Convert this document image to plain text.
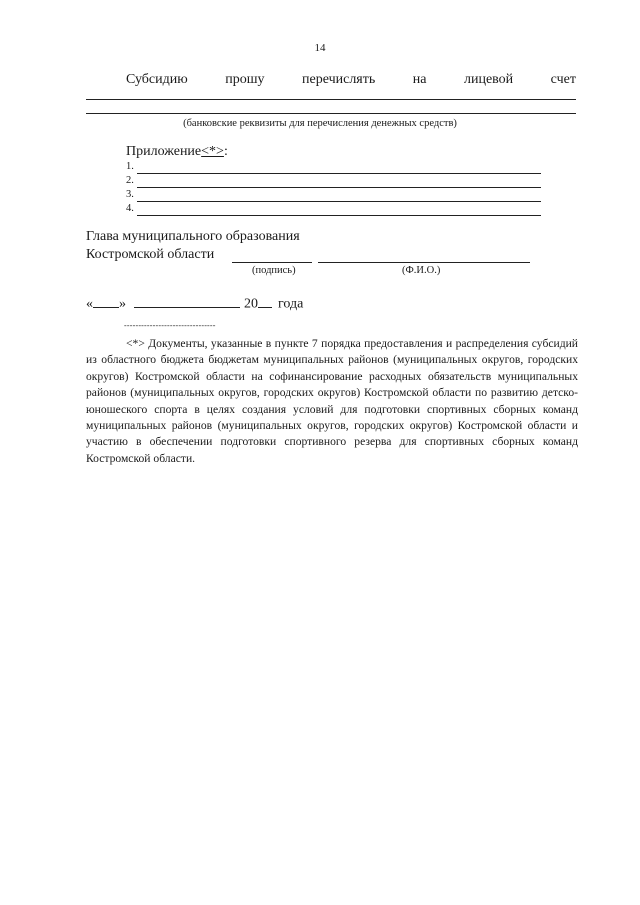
14
Субсидию	прошу	перечислять	на	лицевой	счет
(банковские реквизиты для перечисления денежных средств)
Приложение<*>:
1.
2.
3.
4.
Глава муниципального образования
Костромской области
(подпись)	(Ф.И.О.)
« »	20 года
--------------------------------
<*> Документы, указанные в пункте 7 порядка предоставления и распределения субсидий из областного бюджета бюджетам муниципальных районов (муниципальных округов, городских округов) Костромской области на софинансирование расходных обязательств муниципальных районов (муниципальных округов, городских округов) Костромской области по развитию детско-юношеского спорта в целях создания условий для подготовки спортивных сборных команд муниципальных районов (муниципальных округов, городских округов) Костромской области и участию в обеспечении подготовки спортивного резерва для спортивных сборных команд Костромской области.
